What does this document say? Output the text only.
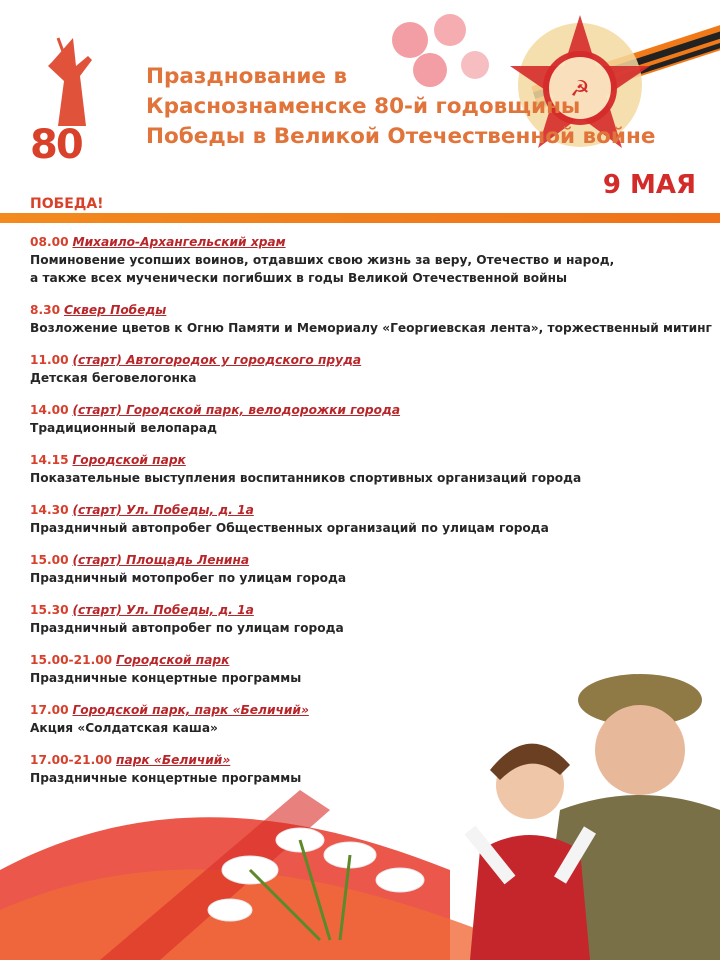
☭
80
ПОБЕДА!
Празднование в
Краснознаменске 80-й годовщины
Победы в Великой Отечественной войне
9 МАЯ
08.00 Михаило-Архангельский храм
Поминовение усопших воинов, отдавших свою жизнь за веру, Отечество и народ,
а также всех мученически погибших в годы Великой Отечественной войны
8.30 Сквер Победы
Возложение цветов к Огню Памяти и Мемориалу «Георгиевская лента», торжественный митинг
11.00 (старт) Автогородок у городского пруда
Детская беговелогонка
14.00 (старт) Городской парк, велодорожки города
Традиционный велопарад
14.15 Городской парк
Показательные выступления воспитанников спортивных организаций города
14.30 (старт) Ул. Победы, д. 1а
Праздничный автопробег Общественных организаций по улицам города
15.00 (старт) Площадь Ленина
Праздничный мотопробег по улицам города
15.30 (старт) Ул. Победы, д. 1а
Праздничный автопробег по улицам города
15.00-21.00 Городской парк
Праздничные концертные программы
17.00 Городской парк, парк «Беличий»
Акция «Солдатская каша»
17.00-21.00 парк «Беличий»
Праздничные концертные программы
